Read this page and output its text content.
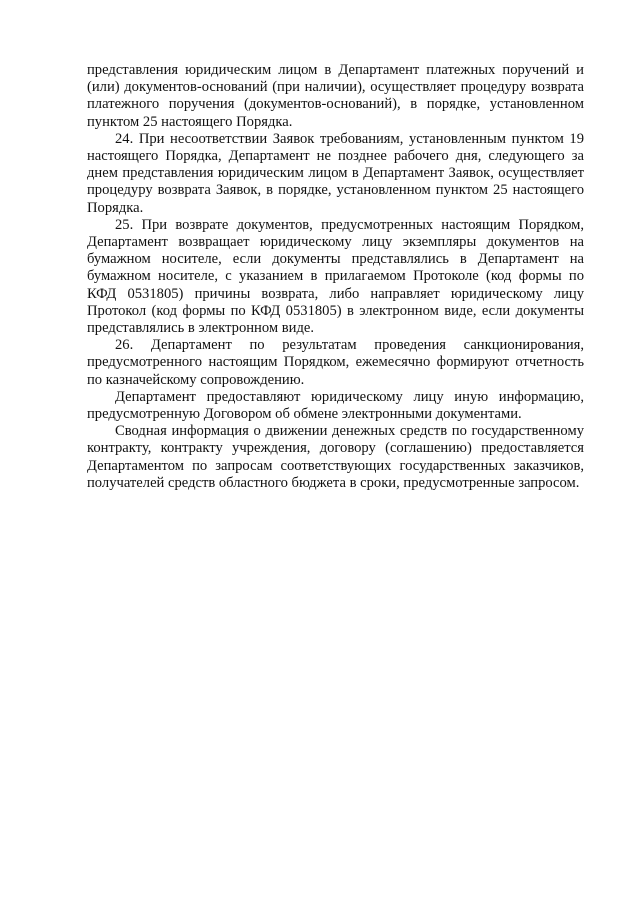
представления юридическим лицом в Департамент платежных поручений и (или) документов-оснований (при наличии), осуществляет процедуру возврата платежного поручения (документов-оснований), в порядке, установленном пунктом 25 настоящего Порядка.

24. При несоответствии Заявок требованиям, установленным пунктом 19 настоящего Порядка, Департамент не позднее рабочего дня, следующего за днем представления юридическим лицом в Департамент Заявок, осуществляет процедуру возврата Заявок, в порядке, установленном пунктом 25 настоящего Порядка.

25. При возврате документов, предусмотренных настоящим Порядком, Департамент возвращает юридическому лицу экземпляры документов на бумажном носителе, если документы представлялись в Департамент на бумажном носителе, с указанием в прилагаемом Протоколе (код формы по КФД 0531805) причины возврата, либо направляет юридическому лицу Протокол (код формы по КФД 0531805) в электронном виде, если документы представлялись в электронном виде.

26. Департамент по результатам проведения санкционирования, предусмотренного настоящим Порядком, ежемесячно формируют отчетность по казначейскому сопровождению.

Департамент предоставляют юридическому лицу иную информацию, предусмотренную Договором об обмене электронными документами.

Сводная информация о движении денежных средств по государственному контракту, контракту учреждения, договору (соглашению) предоставляется Департаментом по запросам соответствующих государственных заказчиков, получателей средств областного бюджета в сроки, предусмотренные запросом.
